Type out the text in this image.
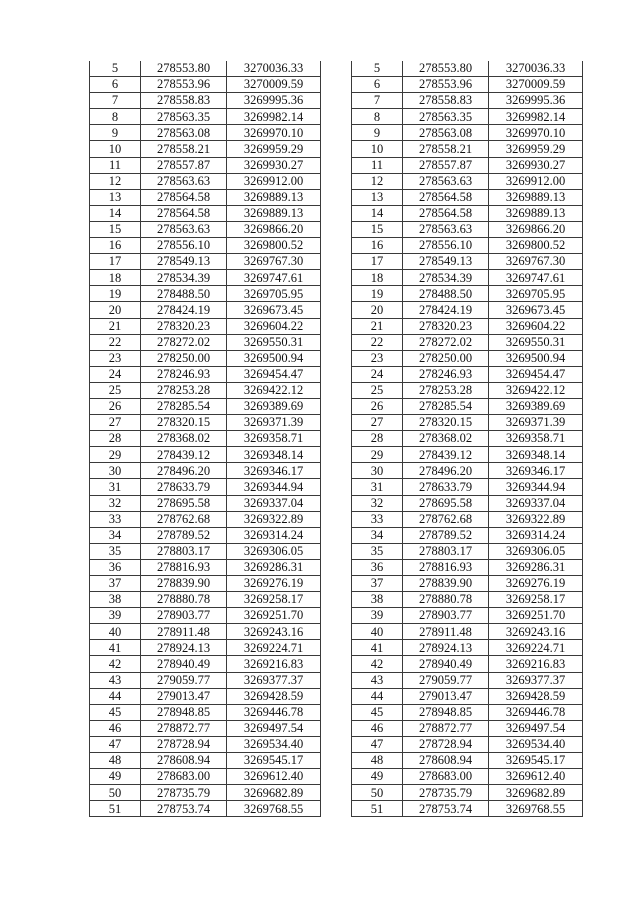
5	278553.80	3270036.33
6	278553.96	3270009.59
7	278558.83	3269995.36
8	278563.35	3269982.14
9	278563.08	3269970.10
10	278558.21	3269959.29
11	278557.87	3269930.27
12	278563.63	3269912.00
13	278564.58	3269889.13
14	278564.58	3269889.13
15	278563.63	3269866.20
16	278556.10	3269800.52
17	278549.13	3269767.30
18	278534.39	3269747.61
19	278488.50	3269705.95
20	278424.19	3269673.45
21	278320.23	3269604.22
22	278272.02	3269550.31
23	278250.00	3269500.94
24	278246.93	3269454.47
25	278253.28	3269422.12
26	278285.54	3269389.69
27	278320.15	3269371.39
28	278368.02	3269358.71
29	278439.12	3269348.14
30	278496.20	3269346.17
31	278633.79	3269344.94
32	278695.58	3269337.04
33	278762.68	3269322.89
34	278789.52	3269314.24
35	278803.17	3269306.05
36	278816.93	3269286.31
37	278839.90	3269276.19
38	278880.78	3269258.17
39	278903.77	3269251.70
40	278911.48	3269243.16
41	278924.13	3269224.71
42	278940.49	3269216.83
43	279059.77	3269377.37
44	279013.47	3269428.59
45	278948.85	3269446.78
46	278872.77	3269497.54
47	278728.94	3269534.40
48	278608.94	3269545.17
49	278683.00	3269612.40
50	278735.79	3269682.89
51	278753.74	3269768.55
5	278553.80	3270036.33
6	278553.96	3270009.59
7	278558.83	3269995.36
8	278563.35	3269982.14
9	278563.08	3269970.10
10	278558.21	3269959.29
11	278557.87	3269930.27
12	278563.63	3269912.00
13	278564.58	3269889.13
14	278564.58	3269889.13
15	278563.63	3269866.20
16	278556.10	3269800.52
17	278549.13	3269767.30
18	278534.39	3269747.61
19	278488.50	3269705.95
20	278424.19	3269673.45
21	278320.23	3269604.22
22	278272.02	3269550.31
23	278250.00	3269500.94
24	278246.93	3269454.47
25	278253.28	3269422.12
26	278285.54	3269389.69
27	278320.15	3269371.39
28	278368.02	3269358.71
29	278439.12	3269348.14
30	278496.20	3269346.17
31	278633.79	3269344.94
32	278695.58	3269337.04
33	278762.68	3269322.89
34	278789.52	3269314.24
35	278803.17	3269306.05
36	278816.93	3269286.31
37	278839.90	3269276.19
38	278880.78	3269258.17
39	278903.77	3269251.70
40	278911.48	3269243.16
41	278924.13	3269224.71
42	278940.49	3269216.83
43	279059.77	3269377.37
44	279013.47	3269428.59
45	278948.85	3269446.78
46	278872.77	3269497.54
47	278728.94	3269534.40
48	278608.94	3269545.17
49	278683.00	3269612.40
50	278735.79	3269682.89
51	278753.74	3269768.55
